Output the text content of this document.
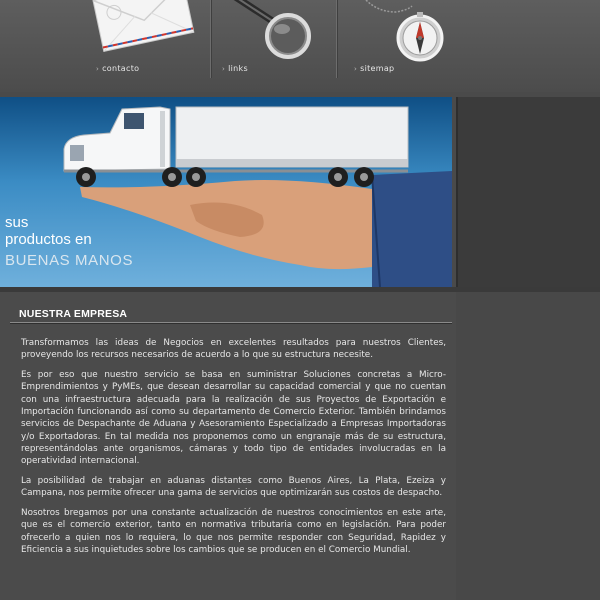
› contacto	› links	› sitemap
sus
productos en
BUENAS MANOS
NUESTRA EMPRESA

Transformamos las ideas de Negocios en excelentes resultados para nuestros Clientes, proveyendo los recursos necesarios de acuerdo a lo que su estructura necesite.

Es por eso que nuestro servicio se basa en suministrar Soluciones concretas a Micro-Emprendimientos y PyMEs, que desean desarrollar su capacidad comercial y que no cuentan con una infraestructura adecuada para la realización de sus Proyectos de Exportación e Importación funcionando así como su departamento de Comercio Exterior. También brindamos servicios de Despachante de Aduana y Asesoramiento Especializado a Empresas Importadoras y/o Exportadoras. En tal medida nos proponemos como un engranaje más de su estructura, representándolas ante organismos, cámaras y todo tipo de entidades involucradas en la operatividad internacional.

La posibilidad de trabajar en aduanas distantes como Buenos Aires, La Plata, Ezeiza y Campana, nos permite ofrecer una gama de servicios que optimizarán sus costos de despacho.

Nosotros bregamos por una constante actualización de nuestros conocimientos en este arte, que es el comercio exterior, tanto en normativa tributaria como en legislación. Para poder ofrecerlo a quien nos lo requiera, lo que nos permite responder con Seguridad, Rapidez y Eficiencia a sus inquietudes sobre los cambios que se producen en el Comercio Mundial.
